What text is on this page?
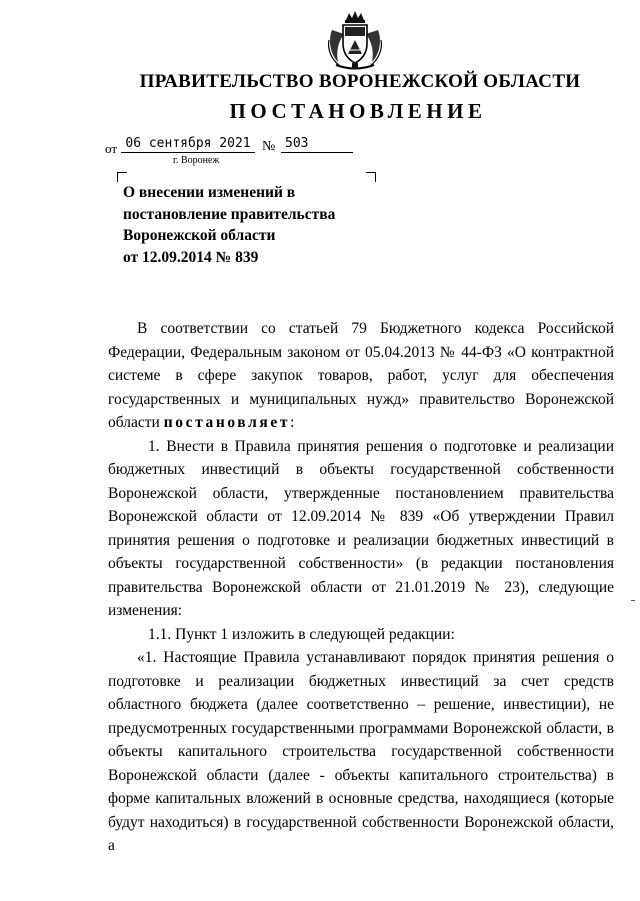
ПРАВИТЕЛЬСТВО ВОРОНЕЖСКОЙ ОБЛАСТИ
ПОСТАНОВЛЕНИЕ
от 06 сентября 2021 № 503
г. Воронеж
О внесении изменений в
постановление правительства
Воронежской области
от 12.09.2014 № 839

В соответствии со статьей 79 Бюджетного кодекса Российской Федерации, Федеральным законом от 05.04.2013 № 44-ФЗ «О контрактной системе в сфере закупок товаров, работ, услуг для обеспечения государственных и муниципальных нужд» правительство Воронежской области постановляет:

1. Внести в Правила принятия решения о подготовке и реализации бюджетных инвестиций в объекты государственной собственности Воронежской области, утвержденные постановлением правительства Воронежской области от 12.09.2014 № 839 «Об утверждении Правил принятия решения о подготовке и реализации бюджетных инвестиций в объекты государственной собственности» (в редакции постановления правительства Воронежской области от 21.01.2019 № 23), следующие изменения:

1.1. Пункт 1 изложить в следующей редакции:

«1. Настоящие Правила устанавливают порядок принятия решения о подготовке и реализации бюджетных инвестиций за счет средств областного бюджета (далее соответственно – решение, инвестиции), не предусмотренных государственными программами Воронежской области, в объекты капитального строительства государственной собственности Воронежской области (далее - объекты капитального строительства) в форме капитальных вложений в основные средства, находящиеся (которые будут находиться) в государственной собственности Воронежской области, а
